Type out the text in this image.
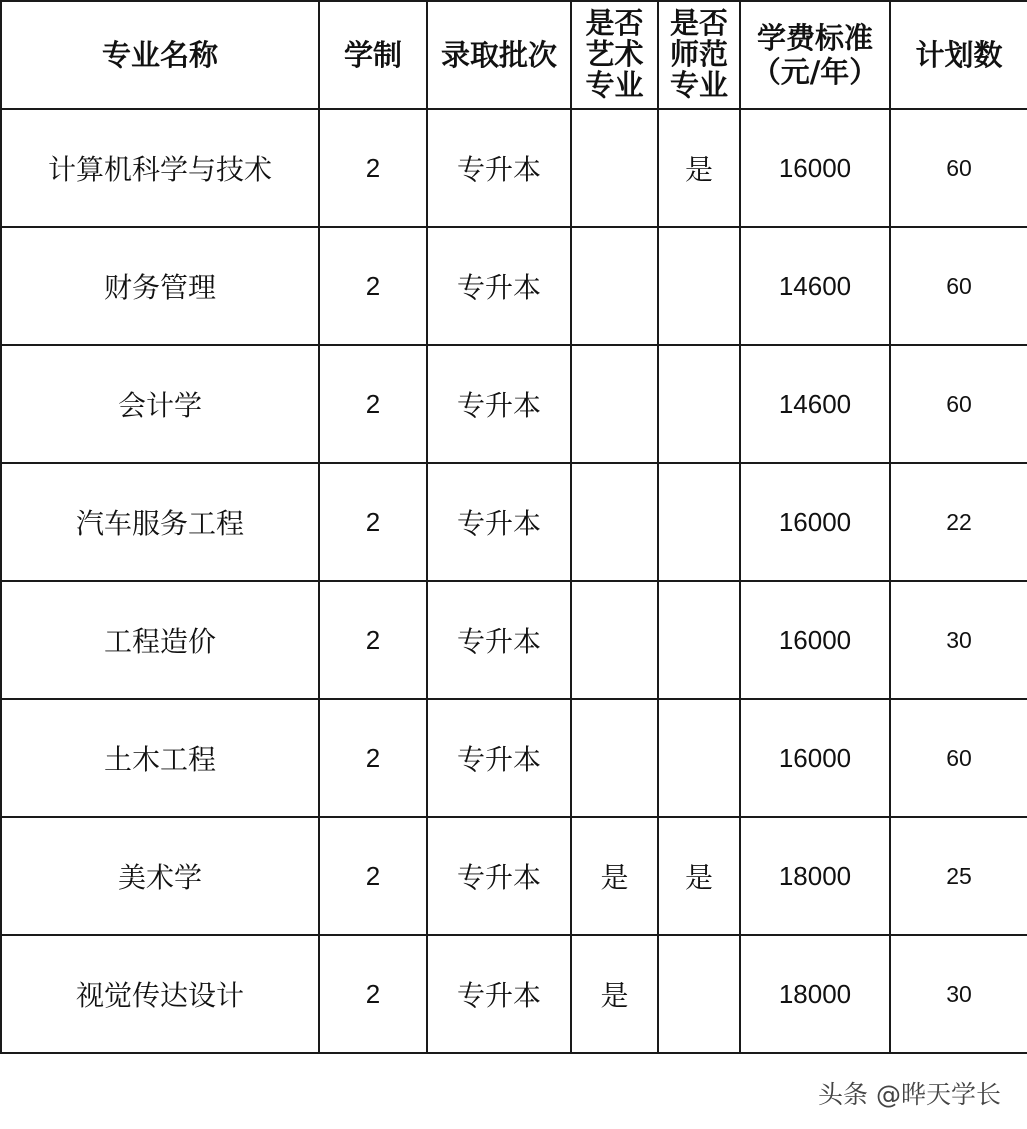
专业名称	学制	录取批次	是否艺术专业	是否师范专业	学费标准（元/年）	计划数
计算机科学与技术	2	专升本		是	16000	60
财务管理	2	专升本			14600	60
会计学	2	专升本			14600	60
汽车服务工程	2	专升本			16000	22
工程造价	2	专升本			16000	30
土木工程	2	专升本			16000	60
美术学	2	专升本	是	是	18000	25
视觉传达设计	2	专升本	是		18000	30
头条 @晔天学长
